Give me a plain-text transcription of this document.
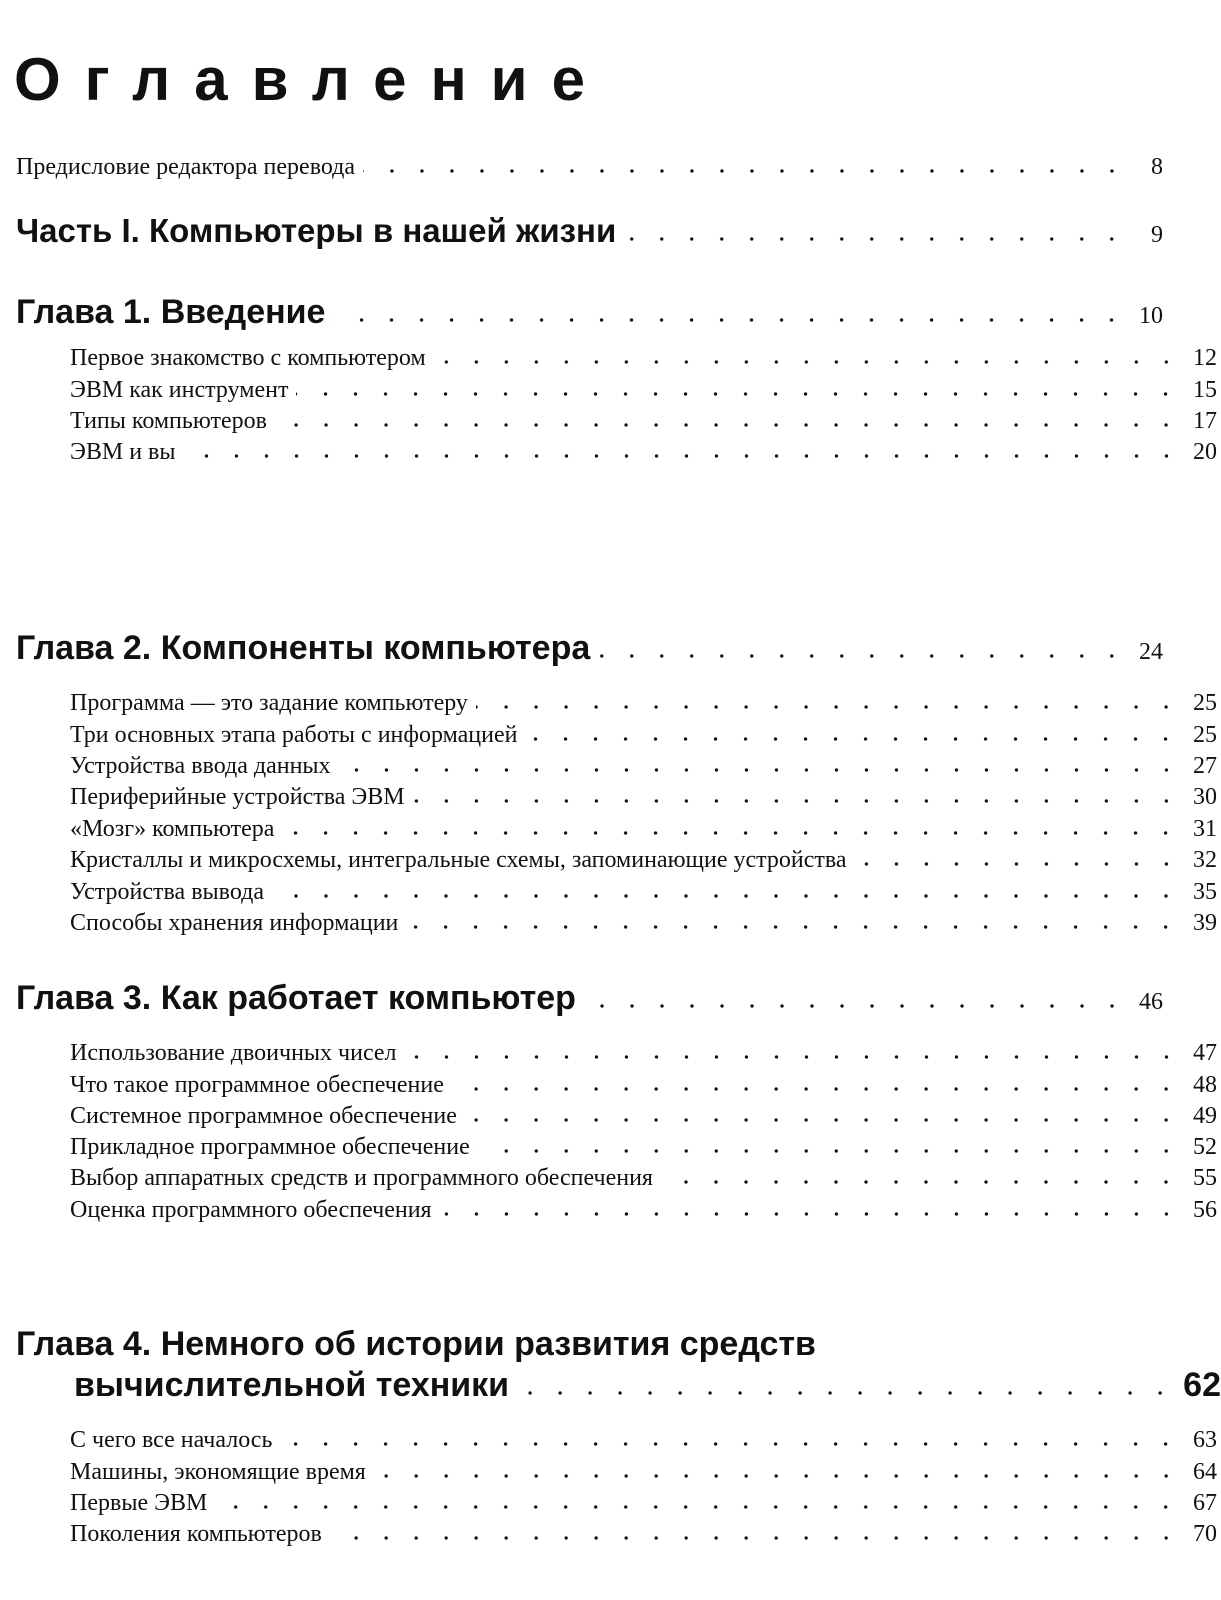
Оглавление
Предисловие редактора перевода	8
Часть I. Компьютеры в нашей жизни	9
Глава 1. Введение	10
Первое знакомство с компьютером	12
ЭВМ как инструмент	15
Типы компьютеров	17
ЭВМ и вы	20
Глава 2. Компоненты компьютера	24
Программа — это задание компьютеру	25
Три основных этапа работы с информацией	25
Устройства ввода данных	27
Периферийные устройства ЭВМ	30
«Мозг» компьютера	31
Кристаллы и микросхемы, интегральные схемы, запоминающие устройства	32
Устройства вывода	35
Способы хранения информации	39
Глава 3. Как работает компьютер	46
Использование двоичных чисел	47
Что такое программное обеспечение	48
Системное программное обеспечение	49
Прикладное программное обеспечение	52
Выбор аппаратных средств и программного обеспечения	55
Оценка программного обеспечения	56
Глава 4. Немного об истории развития средств
вычислительной техники	62
С чего все началось	63
Машины, экономящие время	64
Первые ЭВМ	67
Поколения компьютеров	70
